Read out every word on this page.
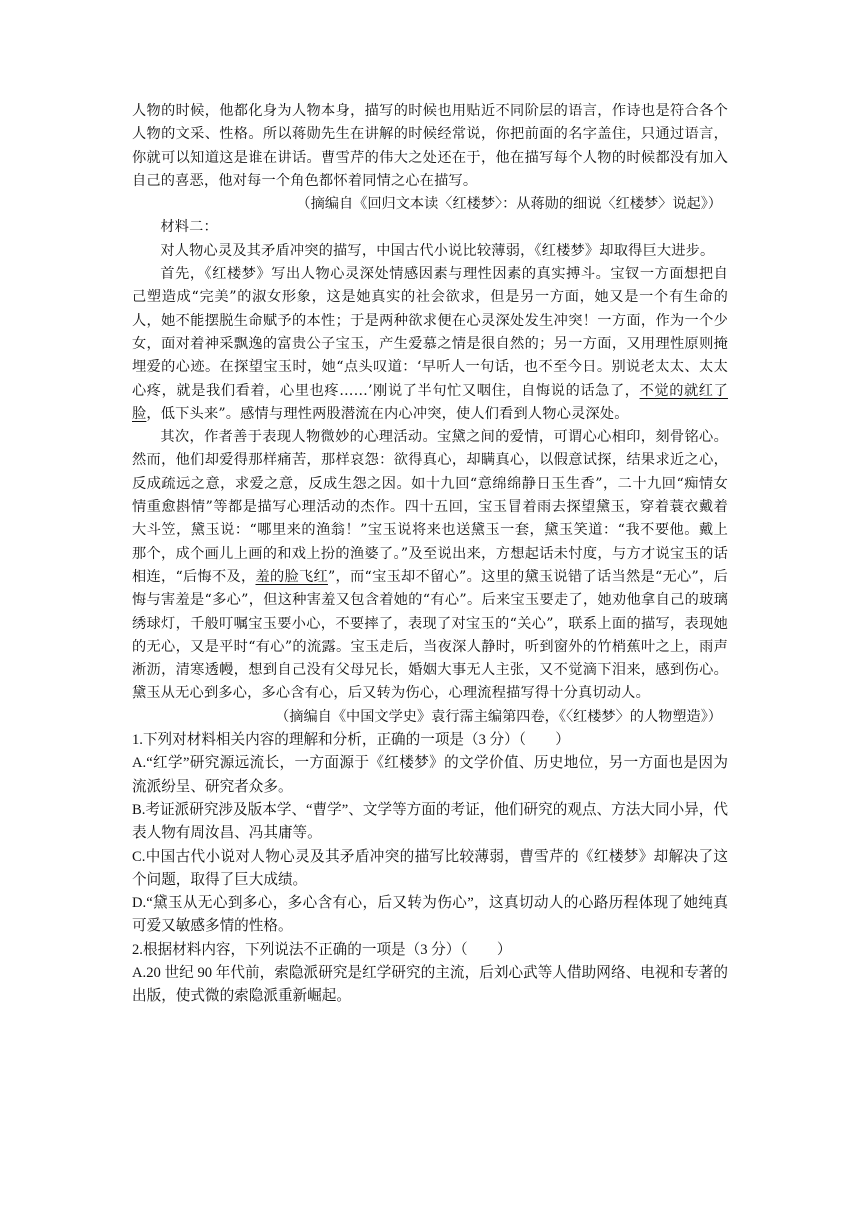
人物的时候，他都化身为人物本身，描写的时候也用贴近不同阶层的语言，作诗也是符合各个人物的文采、性格。所以蒋勋先生在讲解的时候经常说，你把前面的名字盖住，只通过语言，你就可以知道这是谁在讲话。曹雪芹的伟大之处还在于，他在描写每个人物的时候都没有加入自己的喜恶，他对每一个角色都怀着同情之心在描写。

（摘编自《回归文本读〈红楼梦〉：从蒋勋的细说〈红楼梦〉说起》）

材料二：

对人物心灵及其矛盾冲突的描写，中国古代小说比较薄弱，《红楼梦》却取得巨大进步。

首先，《红楼梦》写出人物心灵深处情感因素与理性因素的真实搏斗。宝钗一方面想把自己塑造成“完美”的淑女形象，这是她真实的社会欲求，但是另一方面，她又是一个有生命的人，她不能摆脱生命赋予的本性；于是两种欲求便在心灵深处发生冲突！一方面，作为一个少女，面对着神采飘逸的富贵公子宝玉，产生爱慕之情是很自然的；另一方面，又用理性原则掩埋爱的心迹。在探望宝玉时，她“点头叹道：‘早听人一句话，也不至今日。别说老太太、太太心疼，就是我们看着，心里也疼……’刚说了半句忙又咽住，自悔说的话急了，不觉的就红了脸，低下头来”。感情与理性两股潜流在内心冲突，使人们看到人物心灵深处。

其次，作者善于表现人物微妙的心理活动。宝黛之间的爱情，可谓心心相印，刻骨铭心。然而，他们却爱得那样痛苦，那样哀怨：欲得真心，却瞒真心，以假意试探，结果求近之心，反成疏远之意，求爱之意，反成生怨之因。如十九回“意绵绵静日玉生香”，二十九回“痴情女情重愈斟情”等都是描写心理活动的杰作。四十五回，宝玉冒着雨去探望黛玉，穿着蓑衣戴着大斗笠，黛玉说：“哪里来的渔翁！”宝玉说将来也送黛玉一套，黛玉笑道：“我不要他。戴上那个，成个画儿上画的和戏上扮的渔婆了。”及至说出来，方想起话未忖度，与方才说宝玉的话相连，“后悔不及，羞的脸飞红”，而“宝玉却不留心”。这里的黛玉说错了话当然是“无心”，后悔与害羞是“多心”，但这种害羞又包含着她的“有心”。后来宝玉要走了，她劝他拿自己的玻璃绣球灯，千般叮嘱宝玉要小心，不要摔了，表现了对宝玉的“关心”，联系上面的描写，表现她的无心，又是平时“有心”的流露。宝玉走后，当夜深人静时，听到窗外的竹梢蕉叶之上，雨声淅沥，清寒透幔，想到自己没有父母兄长，婚姻大事无人主张，又不觉滴下泪来，感到伤心。黛玉从无心到多心，多心含有心，后又转为伤心，心理流程描写得十分真切动人。

（摘编自《中国文学史》袁行霈主编第四卷，《〈红楼梦〉的人物塑造》）

1.下列对材料相关内容的理解和分析，正确的一项是（3 分）（　　）

A.“红学”研究源远流长，一方面源于《红楼梦》的文学价值、历史地位，另一方面也是因为流派纷呈、研究者众多。

B.考证派研究涉及版本学、“曹学”、文学等方面的考证，他们研究的观点、方法大同小异，代表人物有周汝昌、冯其庸等。

C.中国古代小说对人物心灵及其矛盾冲突的描写比较薄弱，曹雪芹的《红楼梦》却解决了这个问题，取得了巨大成绩。

D.“黛玉从无心到多心，多心含有心，后又转为伤心”，这真切动人的心路历程体现了她纯真可爱又敏感多情的性格。

2.根据材料内容，下列说法不正确的一项是（3 分）（　　）

A.20 世纪 90 年代前，索隐派研究是红学研究的主流，后刘心武等人借助网络、电视和专著的出版，使式微的索隐派重新崛起。
